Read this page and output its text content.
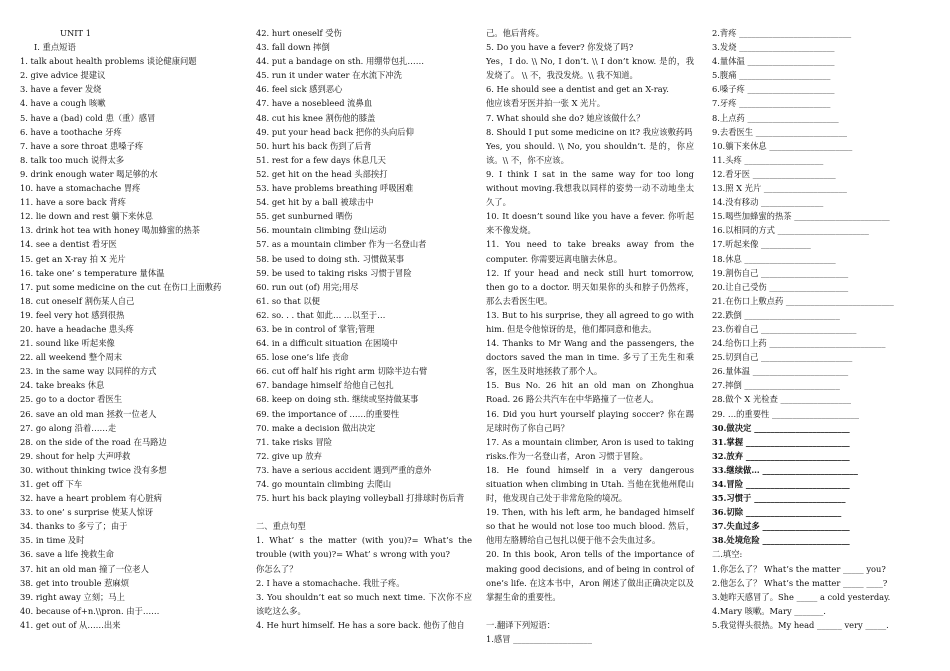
UNIT 1
I. 重点短语
1. talk about health problems 谈论健康问题
2. give advice 提建议
3. have a fever 发烧
4. have a cough 咳嗽
5. have a (bad) cold 患（重）感冒
6. have a toothache 牙疼
7. have a sore throat 患嗓子疼
8. talk too much 说得太多
9. drink enough water 喝足够的水
10. have a stomachache 胃疼
11. have a sore back 背疼
12. lie down and rest 躺下来休息
13. drink hot tea with honey 喝加蜂蜜的热茶
14. see a dentist 看牙医
15. get an X-ray 拍 X 光片
16. take one’ s temperature 量体温
17. put some medicine on the cut 在伤口上面敷药
18. cut oneself 割伤某人自己
19. feel very hot 感到很热
20. have a headache 患头疼
21. sound like 听起来像
22. all weekend 整个周末
23. in the same way 以同样的方式
24. take breaks 休息
25. go to a doctor 看医生
26. save an old man 拯救一位老人
27. go along 沿着……走
28. on the side of the road 在马路边
29. shout for help 大声呼救
30. without thinking twice 没有多想
31. get off 下车
32. have a heart problem 有心脏病
33. to one’ s surprise 使某人惊讶
34. thanks to 多亏了；由于
35. in time 及时
36. save a life 挽救生命
37. hit an old man 撞了一位老人
38. get into trouble 惹麻烦
39. right away 立刻；马上
40. because of+n.\\pron. 由于……
41. get out of 从……出来
42. hurt oneself 受伤
43. fall down 摔倒
44. put a bandage on sth. 用绷带包扎……
45. run it under water 在水流下冲洗
46. feel sick 感到恶心
47. have a nosebleed 流鼻血
48. cut his knee 割伤他的膝盖
49. put your head back 把你的头向后仰
50. hurt his back 伤到了后背
51. rest for a few days 休息几天
52. get hit on the head 头部挨打
53. have problems breathing 呼吸困难
54. get hit by a ball 被球击中
55. get sunburned 晒伤
56. mountain climbing 登山运动
57. as a mountain climber 作为一名登山者
58. be used to doing sth. 习惯做某事
59. be used to taking risks 习惯于冒险
60. run out (of) 用完;用尽
61. so that 以便
62. so. . . that 如此… …以至于…
63. be in control of 掌管;管理
64. in a difficult situation 在困境中
65. lose one’s life 丧命
66. cut off half his right arm 切除半边右臂
67. bandage himself 给他自己包扎
68. keep on doing sth. 继续或坚持做某事
69. the importance of ……的重要性
70. make a decision 做出决定
71. take risks 冒险
72. give up 放弃
73. have a serious accident 遇到严重的意外
74. go mountain climbing 去爬山
75. hurt his back playing volleyball 打排球时伤后背
二、重点句型
1. What’ s the matter (with you)?= What’s the trouble (with you)?= What’ s wrong with you?
你怎么了？
2. I have a stomachache. 我肚子疼。
3. You shouldn’t eat so much next time. 下次你不应该吃这么多。
4. He hurt himself. He has a sore back. 他伤了他自
己。他后背疼。
5. Do you have a fever? 你发烧了吗?
Yes，I do. \\ No, I don’t. \\ I don’t know. 是的，我发烧了。 \\ 不，我没发烧。\\ 我不知道。
6. He should see a dentist and get an X-ray.
他应该看牙医并拍一张 X 光片。
7. What should she do? 她应该做什么？
8. Should I put some medicine on it? 我应该敷药吗
Yes, you should. \\ No, you shouldn’t. 是的，你应该。\\ 不，你不应该。
9. I think I sat in the same way for too long without moving.我想我以同样的姿势一动不动地坐太久了。
10. It doesn’t sound like you have a fever. 你听起来不像发烧。
11. You need to take breaks away from the computer. 你需要远离电脑去休息。
12. If your head and neck still hurt tomorrow, then go to a doctor. 明天如果你的头和脖子仍然疼，那么去看医生吧。
13. But to his surprise, they all agreed to go with him. 但是令他惊讶的是，他们都同意和他去。
14. Thanks to Mr Wang and the passengers, the doctors saved the man in time. 多亏了王先生和乘客，医生及时地拯救了那个人。
15. Bus No. 26 hit an old man on Zhonghua Road. 26 路公共汽车在中华路撞了一位老人。
16. Did you hurt yourself playing soccer? 你在踢足球时伤了你自己吗？
17. As a mountain climber, Aron is used to taking risks.作为一名登山者，Aron 习惯于冒险。
18. He found himself in a very dangerous situation when climbing in Utah. 当他在犹他州爬山时，他发现自己处于非常危险的境况。
19. Then, with his left arm, he bandaged himself so that he would not lose too much blood. 然后，他用左胳膊给自己包扎以便于他不会失血过多。
20. In this book, Aron tells of the importance of making good decisions, and of being in control of one’s life. 在这本书中，Aron 阐述了做出正确决定以及掌握生命的重要性。
一.翻译下列短语：
1.感冒 ___________________
2.背疼 ___________________________
3.发烧 _______________________
4.量体温 _____________________
5.腹痛 ______________________
6.嗓子疼 _____________________
7.牙疼 ______________________
8.上点药 ______________________
9.去看医生 ______________________
10.躺下来休息 ____________________
11.头疼 ___________________
12.看牙医 ____________________
13.照 X 光片 ____________________
14.没有移动 _______________
15.喝些加蜂蜜的热茶 _______________________
16.以相同的方式 ______________________
17.听起来像 ____________
18.休息 ______________________
19.割伤自己 _____________________
20.让自己受伤 ___________________
21.在伤口上敷点药 __________________________
22.跌倒 _______________________
23.伤着自己 _______________________
24.给伤口上药 ____________________________
25.切到自己 ______________________
26.量体温 _______________________
27.摔倒 _______________________
28.做个 X 光检查 _________________
29. …的重要性 _____________________
30.做决定 _______________________
31.掌握 _________________________
32.放弃 _________________________
33.继续做… _______________________
34.冒险 _________________________
35.习惯于 ______________________
36.切除 _______________________
37.失血过多 _____________________
38.处境危险 _____________________
二.填空:
1.你怎么了？ What’s the matter _____ you?
2.他怎么了？ What’s the matter _____ ____?
3.她昨天感冒了。She _____ a cold yesterday.
4.Mary 咳嗽。Mary _______.
5.我觉得头很热。My head ______ very _____.
